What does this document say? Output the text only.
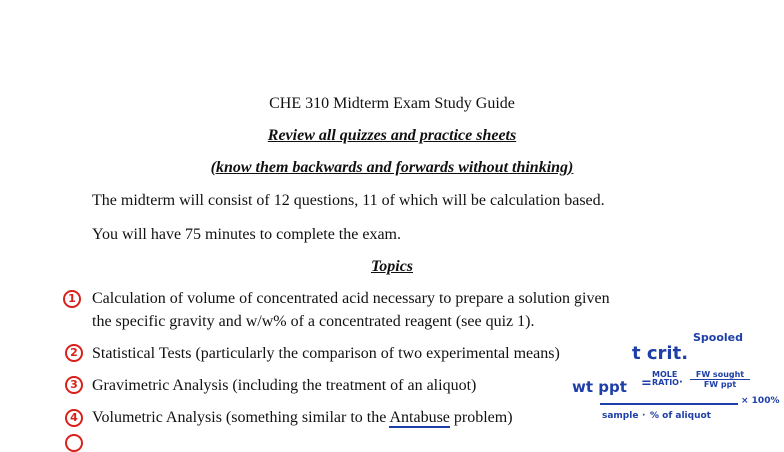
CHE 310 Midterm Exam Study Guide
Review all quizzes and practice sheets
(know them backwards and forwards without thinking)
The midterm will consist of 12 questions, 11 of which will be calculation based.
You will have 75 minutes to complete the exam.
Topics
1	Calculation of volume of concentrated acid necessary to prepare a solution given
the specific gravity and w/w% of a concentrated reagent (see quiz 1).
2 Statistical Tests (particularly the comparison of two experimental means)
3 Gravimetric Analysis (including the treatment of an aliquot)
4 Volumetric Analysis (something similar to the Antabuse problem)
Spooled
t crit.
wt ppt =
MOLE RATIO ·
FW sought
FW ppt
× 100%
sample · % of aliquot
